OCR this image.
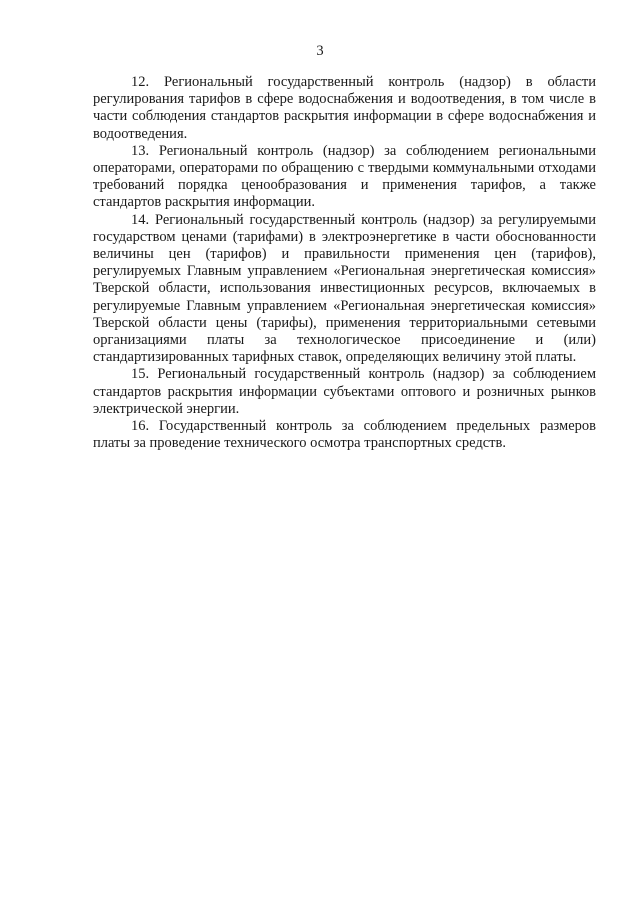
3

12. Региональный государственный контроль (надзор) в области регулирования тарифов в сфере водоснабжения и водоотведения, в том числе в части соблюдения стандартов раскрытия информации в сфере водоснабжения и водоотведения.

13. Региональный контроль (надзор) за соблюдением региональными операторами, операторами по обращению с твердыми коммунальными отходами требований порядка ценообразования и применения тарифов, а также стандартов раскрытия информации.

14. Региональный государственный контроль (надзор) за регулируемыми государством ценами (тарифами) в электроэнергетике в части обоснованности величины цен (тарифов) и правильности применения цен (тарифов), регулируемых Главным управлением «Региональная энергетическая комиссия» Тверской области, использования инвестиционных ресурсов, включаемых в регулируемые Главным управлением «Региональная энергетическая комиссия» Тверской области цены (тарифы), применения территориальными сетевыми организациями платы за технологическое присоединение и (или) стандартизированных тарифных ставок, определяющих величину этой платы.

15. Региональный государственный контроль (надзор) за соблюдением стандартов раскрытия информации субъектами оптового и розничных рынков электрической энергии.

16. Государственный контроль за соблюдением предельных размеров платы за проведение технического осмотра транспортных средств.
